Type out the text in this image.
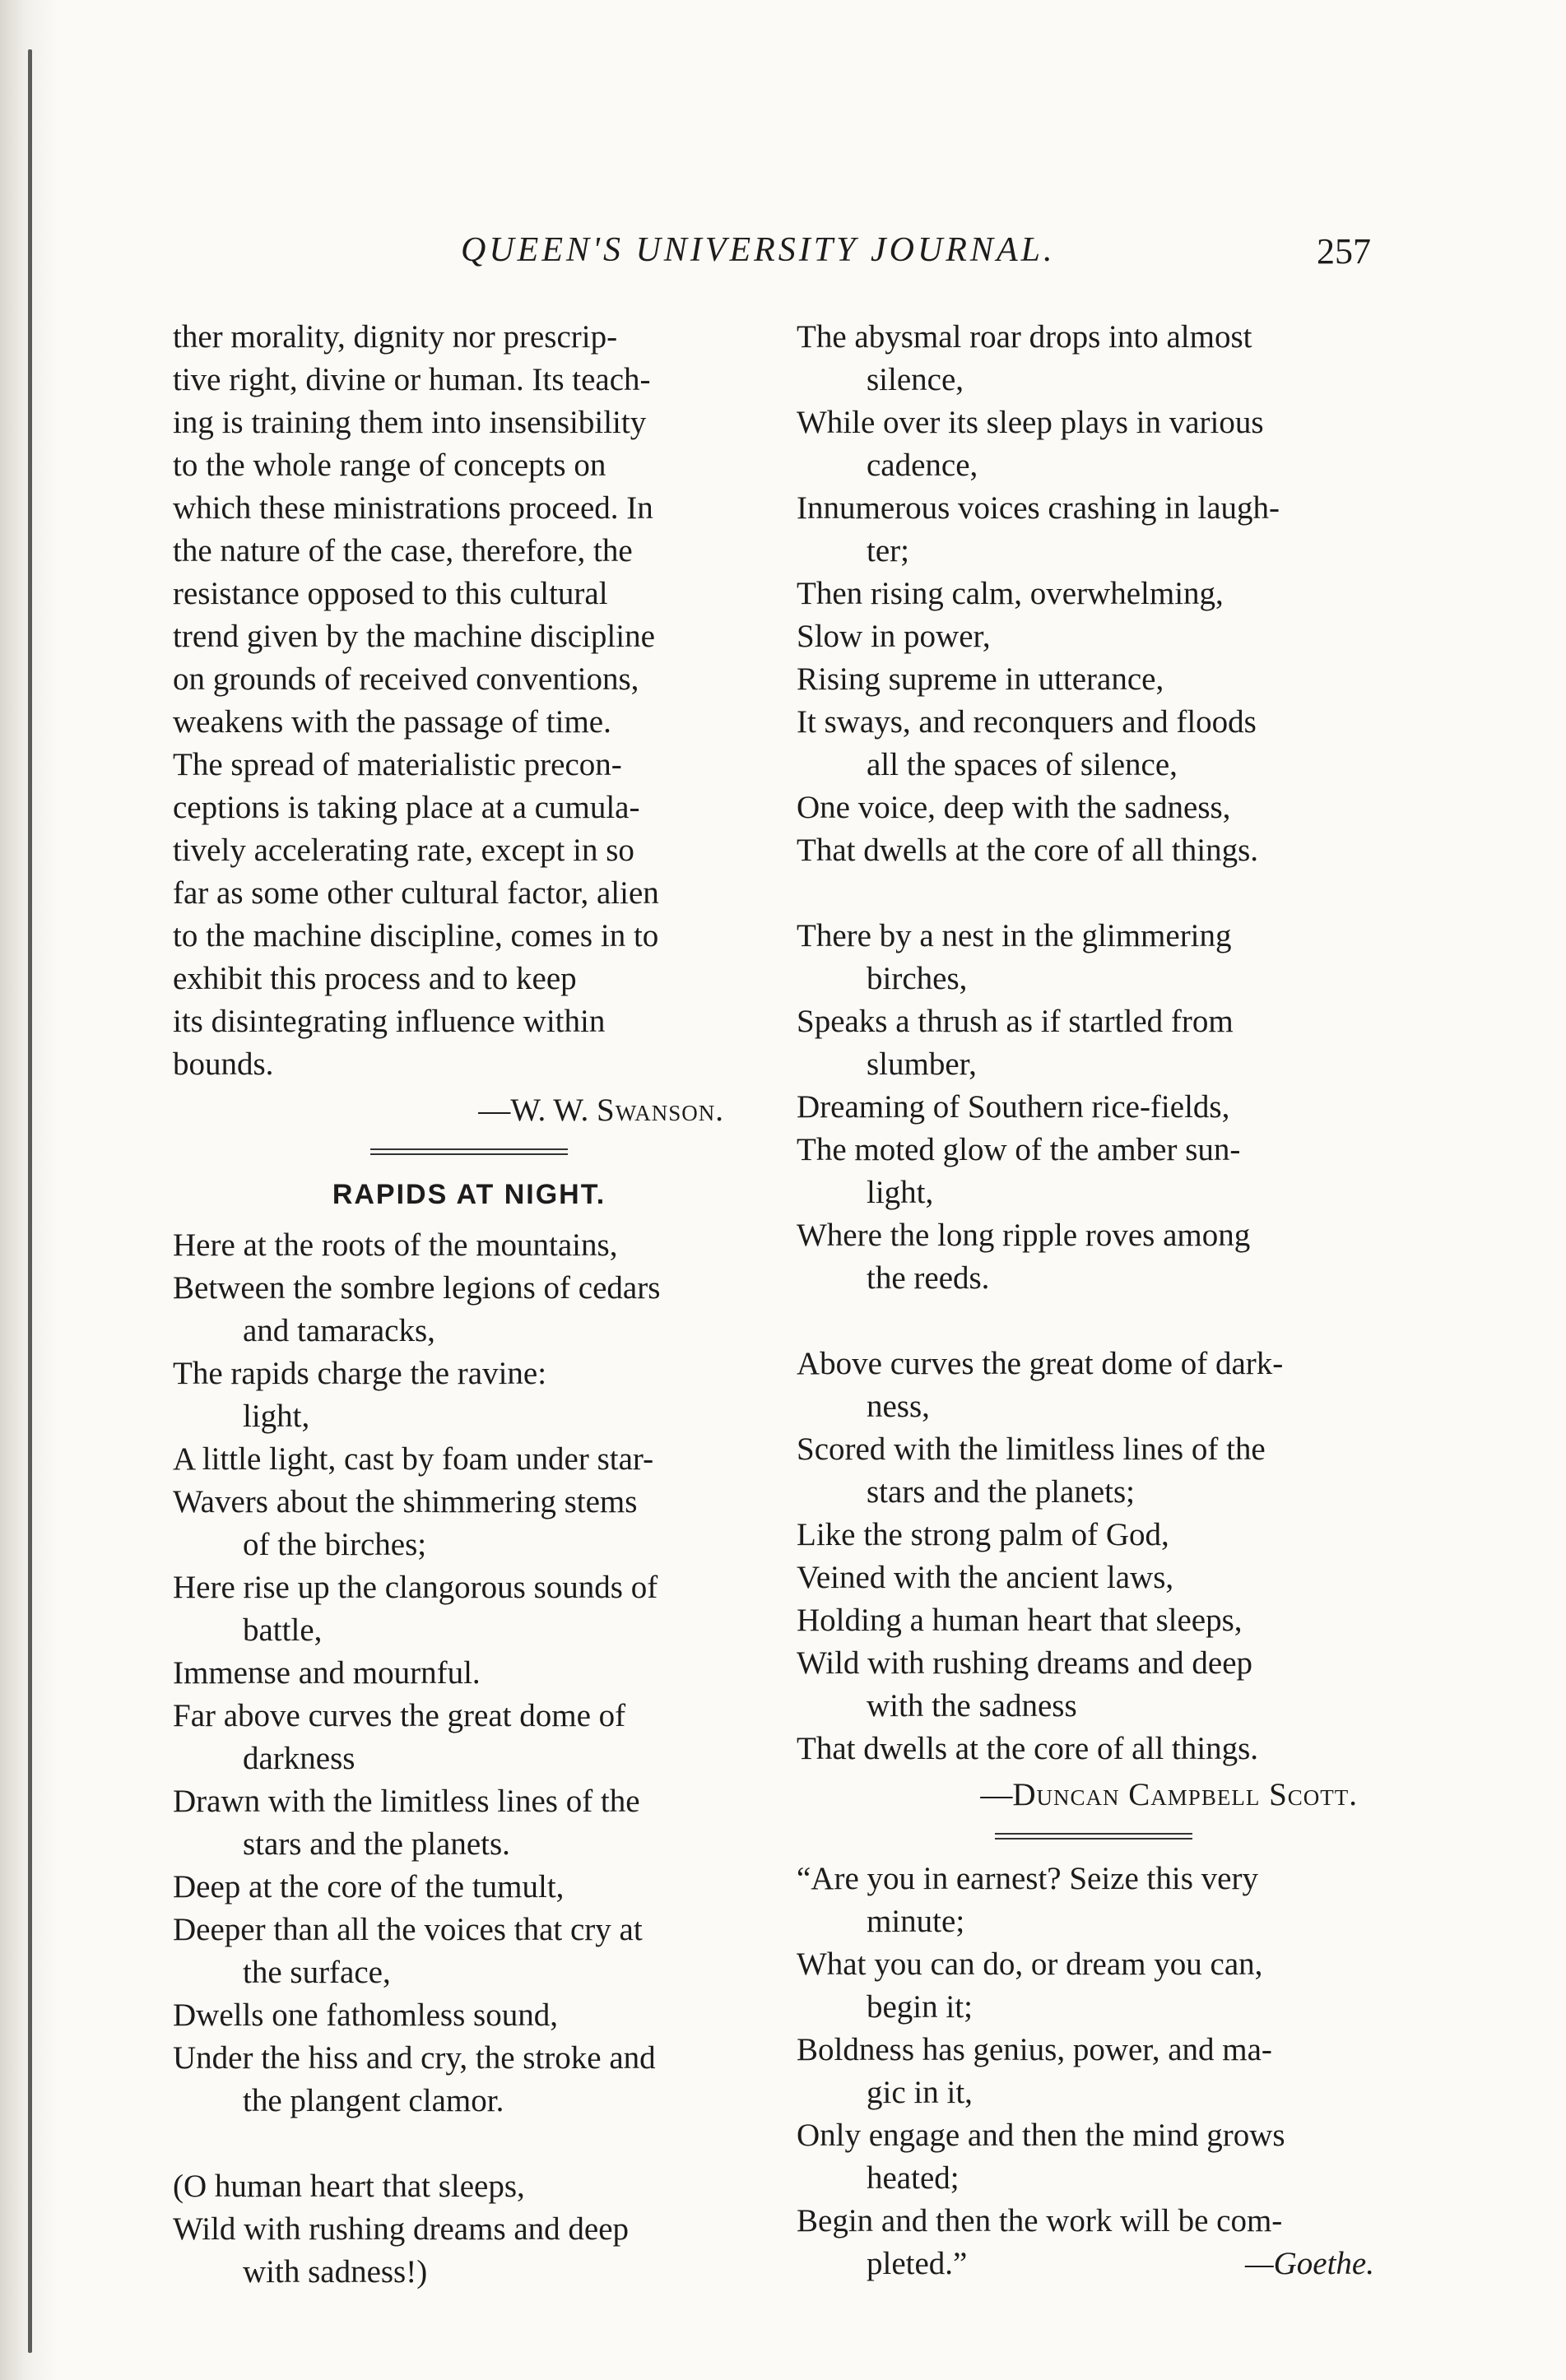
QUEEN'S UNIVERSITY JOURNAL.	257
ther morality, dignity nor prescrip-
tive right, divine or human. Its teach-
ing is training them into insensibility
to the whole range of concepts on
which these ministrations proceed. In
the nature of the case, therefore, the
resistance opposed to this cultural
trend given by the machine discipline
on grounds of received conventions,
weakens with the passage of time.
The spread of materialistic precon-
ceptions is taking place at a cumula-
tively accelerating rate, except in so
far as some other cultural factor, alien
to the machine discipline, comes in to
exhibit this process and to keep
its disintegrating influence within
bounds.
—W. W. Swanson.
RAPIDS AT NIGHT.
Here at the roots of the mountains,
Between the sombre legions of cedars
and tamaracks,
The rapids charge the ravine:
light,
A little light, cast by foam under star-
Wavers about the shimmering stems
of the birches;
Here rise up the clangorous sounds of
battle,
Immense and mournful.
Far above curves the great dome of
darkness
Drawn with the limitless lines of the
stars and the planets.
Deep at the core of the tumult,
Deeper than all the voices that cry at
the surface,
Dwells one fathomless sound,
Under the hiss and cry, the stroke and
the plangent clamor.
(O human heart that sleeps,
Wild with rushing dreams and deep
with sadness!)
The abysmal roar drops into almost
silence,
While over its sleep plays in various
cadence,
Innumerous voices crashing in laugh-
ter;
Then rising calm, overwhelming,
Slow in power,
Rising supreme in utterance,
It sways, and reconquers and floods
all the spaces of silence,
One voice, deep with the sadness,
That dwells at the core of all things.
There by a nest in the glimmering
birches,
Speaks a thrush as if startled from
slumber,
Dreaming of Southern rice-fields,
The moted glow of the amber sun-
light,
Where the long ripple roves among
the reeds.
Above curves the great dome of dark-
ness,
Scored with the limitless lines of the
stars and the planets;
Like the strong palm of God,
Veined with the ancient laws,
Holding a human heart that sleeps,
Wild with rushing dreams and deep
with the sadness
That dwells at the core of all things.
—Duncan Campbell Scott.
“Are you in earnest? Seize this very
minute;
What you can do, or dream you can,
begin it;
Boldness has genius, power, and ma-
gic in it,
Only engage and then the mind grows
heated;
Begin and then the work will be com-
pleted.”	—Goethe.
